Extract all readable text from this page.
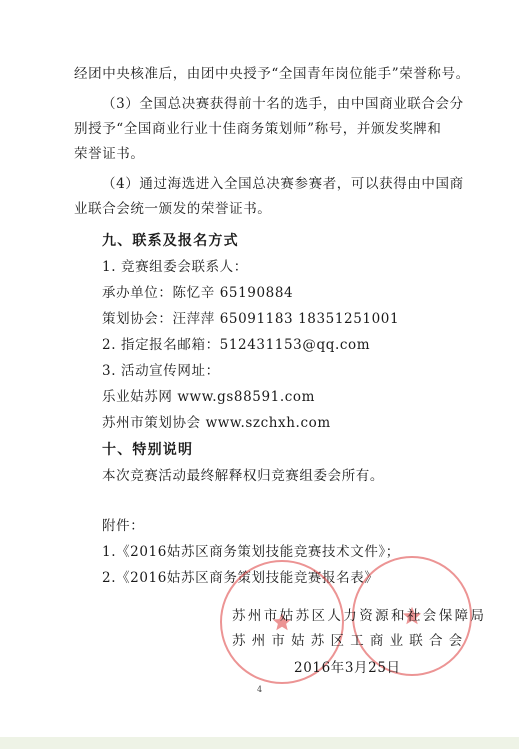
经团中央核准后，由团中央授予“全国青年岗位能手”荣誉称号。
（3）全国总决赛获得前十名的选手，由中国商业联合会分
别授予“全国商业行业十佳商务策划师”称号，并颁发奖牌和
荣誉证书。
（4）通过海选进入全国总决赛参赛者，可以获得由中国商
业联合会统一颁发的荣誉证书。
九、联系及报名方式
1. 竞赛组委会联系人：
承办单位：陈忆辛 65190884
策划协会：汪萍萍 65091183 18351251001
2. 指定报名邮箱：512431153@qq.com
3. 活动宣传网址：
乐业姑苏网 www.gs88591.com
苏州市策划协会 www.szchxh.com
十、特别说明
本次竞赛活动最终解释权归竞赛组委会所有。
附件：
1.《2016姑苏区商务策划技能竞赛技术文件》；
2.《2016姑苏区商务策划技能竞赛报名表》
苏州市姑苏区人力资源和社会保障局
苏州市姑苏区工商业联合会
2016年3月25日
4
